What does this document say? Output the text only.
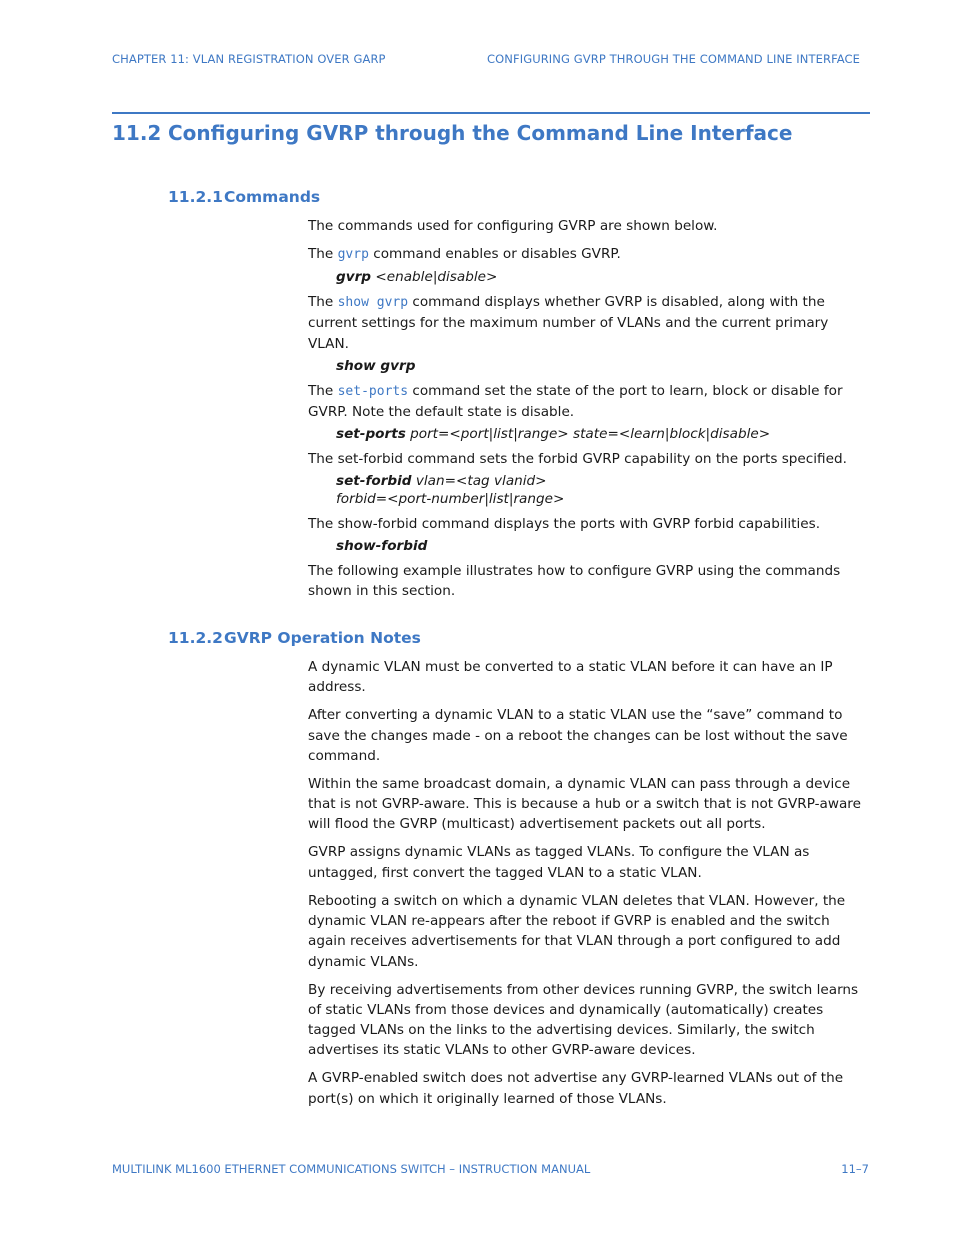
CHAPTER 11: VLAN REGISTRATION OVER GARP	CONFIGURING GVRP THROUGH THE COMMAND LINE INTERFACE
11.2 Configuring GVRP through the Command Line Interface
11.2.1Commands

The commands used for configuring GVRP are shown below.

The gvrp command enables or disables GVRP.

gvrp <enable|disable>

The show gvrp command displays whether GVRP is disabled, along with the current settings for the maximum number of VLANs and the current primary VLAN.

show gvrp

The set-ports command set the state of the port to learn, block or disable for GVRP. Note the default state is disable.

set-ports port=<port|list|range> state=<learn|block|disable>

The set-forbid command sets the forbid GVRP capability on the ports specified.

set-forbid vlan=<tag vlanid>
forbid=<port-number|list|range>

The show-forbid command displays the ports with GVRP forbid capabilities.

show-forbid

The following example illustrates how to configure GVRP using the commands shown in this section.

11.2.2GVRP Operation Notes

A dynamic VLAN must be converted to a static VLAN before it can have an IP address.

After converting a dynamic VLAN to a static VLAN use the “save” command to save the changes made - on a reboot the changes can be lost without the save command.

Within the same broadcast domain, a dynamic VLAN can pass through a device that is not GVRP-aware. This is because a hub or a switch that is not GVRP-aware will flood the GVRP (multicast) advertisement packets out all ports.

GVRP assigns dynamic VLANs as tagged VLANs. To configure the VLAN as untagged, first convert the tagged VLAN to a static VLAN.

Rebooting a switch on which a dynamic VLAN deletes that VLAN. However, the dynamic VLAN re-appears after the reboot if GVRP is enabled and the switch again receives advertisements for that VLAN through a port configured to add dynamic VLANs.

By receiving advertisements from other devices running GVRP, the switch learns of static VLANs from those devices and dynamically (automatically) creates tagged VLANs on the links to the advertising devices. Similarly, the switch advertises its static VLANs to other GVRP-aware devices.

A GVRP-enabled switch does not advertise any GVRP-learned VLANs out of the port(s) on which it originally learned of those VLANs.

MULTILINK ML1600 ETHERNET COMMUNICATIONS SWITCH – INSTRUCTION MANUAL	11–7
